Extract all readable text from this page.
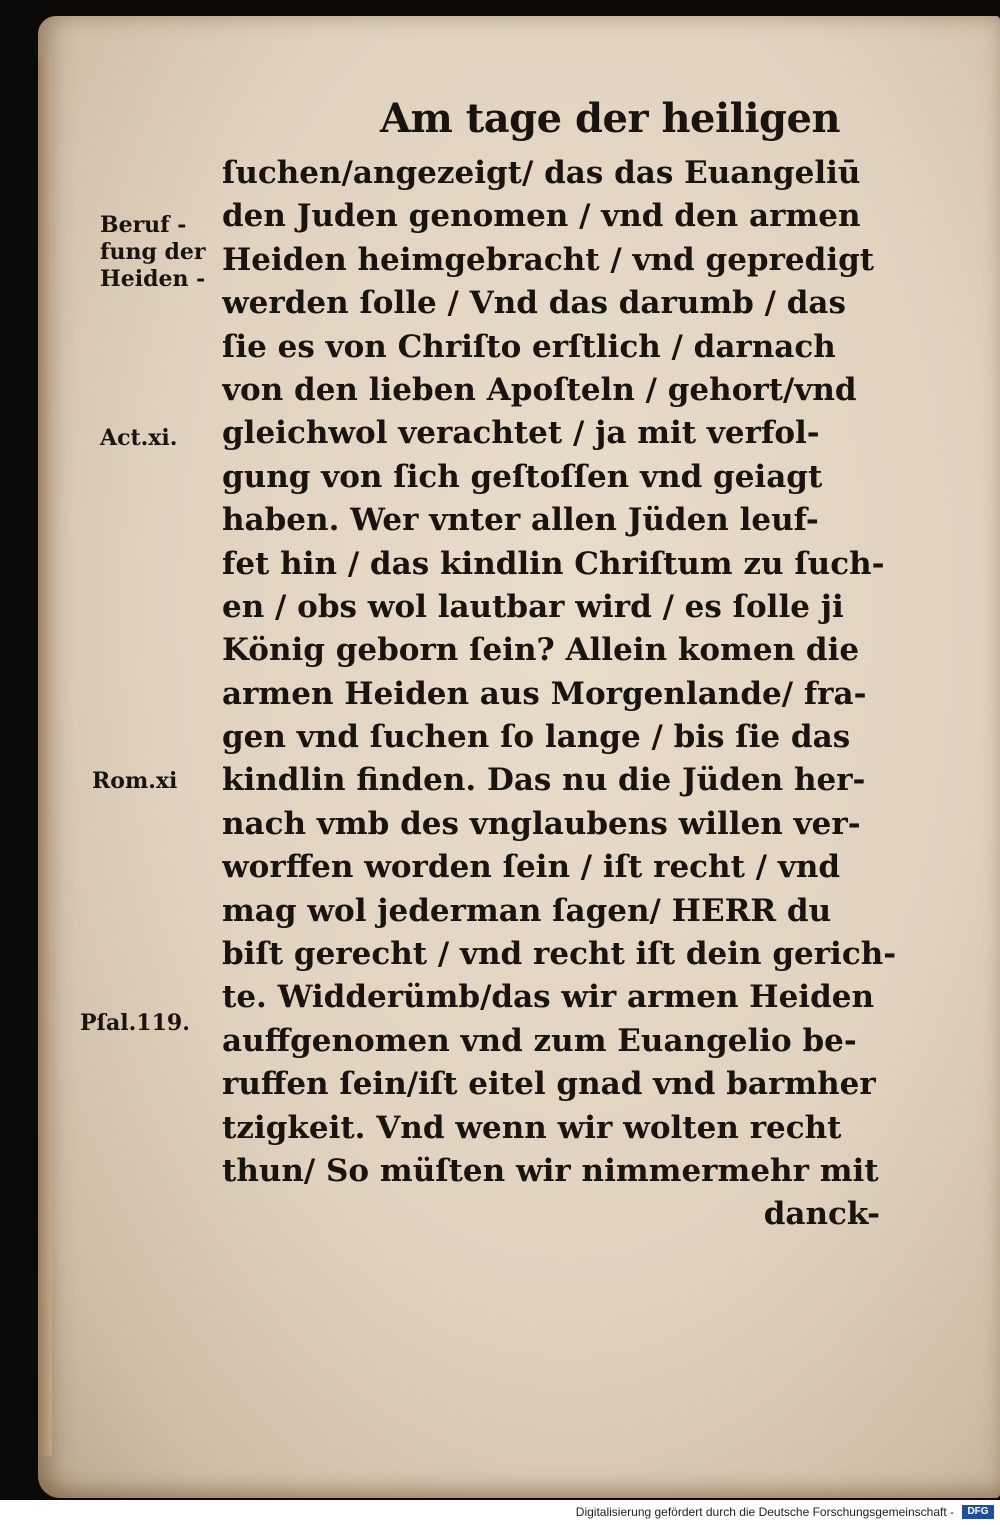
Am tage der heiligen
ſuchen/angezeigt/ das das Euangeliū
den Juden genomen / vnd den armen
Heiden heimgebracht / vnd gepredigt
werden ſolle / Vnd das darumb / das
ſie es von Chriſto erſtlich / darnach
von den lieben Apoſteln / gehort/vnd
gleichwol verachtet / ja mit verfol-
gung von ſich geſtoſſen vnd geiagt
haben. Wer vnter allen Jüden leuf-
fet hin / das kindlin Chriſtum zu ſuch-
en / obs wol lautbar wird / es ſolle ji
König geborn ſein? Allein komen die
armen Heiden aus Morgenlande/ fra-
gen vnd ſuchen ſo lange / bis ſie das
kindlin finden. Das nu die Jüden her-
nach vmb des vnglaubens willen ver-
worffen worden ſein / iſt recht / vnd
mag wol jederman ſagen/ HERR du
biſt gerecht / vnd recht iſt dein gerich-
te. Widderümb/das wir armen Heiden
auffgenomen vnd zum Euangelio be-
ruffen ſein/iſt eitel gnad vnd barmher
tzigkeit. Vnd wenn wir wolten recht
thun/ So müſten wir nimmermehr mit
danck-
Beruf -
fung der
Heiden -
Act.xi.
Rom.xi
Pſal.119.
Digitalisierung gefördert durch die Deutsche Forschungsgemeinschaft -	DFG
